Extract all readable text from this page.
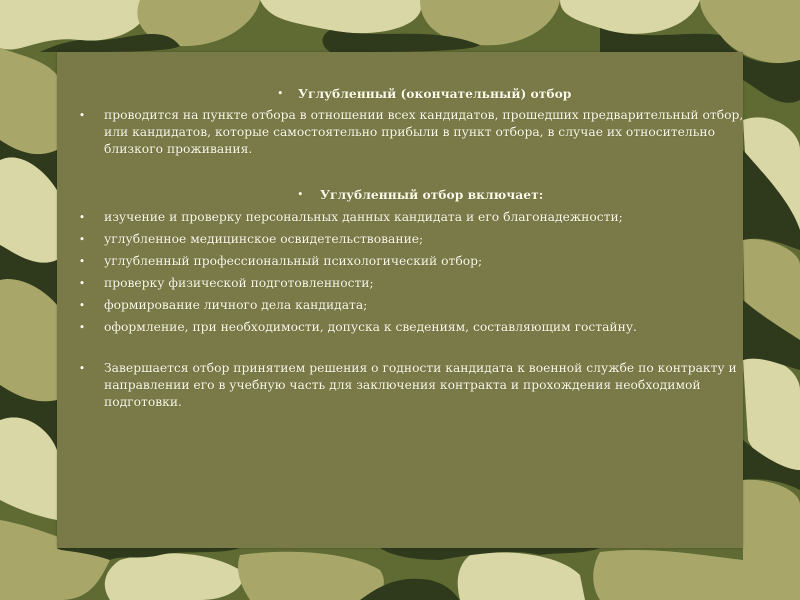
• Углубленный (окончательный) отбор
•	проводится на пункте отбора в отношении всех кандидатов, прошедших предварительный отбор,
или кандидатов, которые самостоятельно прибыли в пункт отбора, в случае их относительно
близкого проживания.
• Углубленный отбор включает:
•	изучение и проверку персональных данных кандидата и его благонадежности;
•	углубленное медицинское освидетельствование;
•	углубленный профессиональный психологический отбор;
•	проверку физической подготовленности;
•	формирование личного дела кандидата;
•	оформление, при необходимости, допуска к сведениям, составляющим гостайну.
•	Завершается отбор принятием решения о годности кандидата к военной службе по контракту и
направлении его в учебную часть для заключения контракта и прохождения необходимой
подготовки.
